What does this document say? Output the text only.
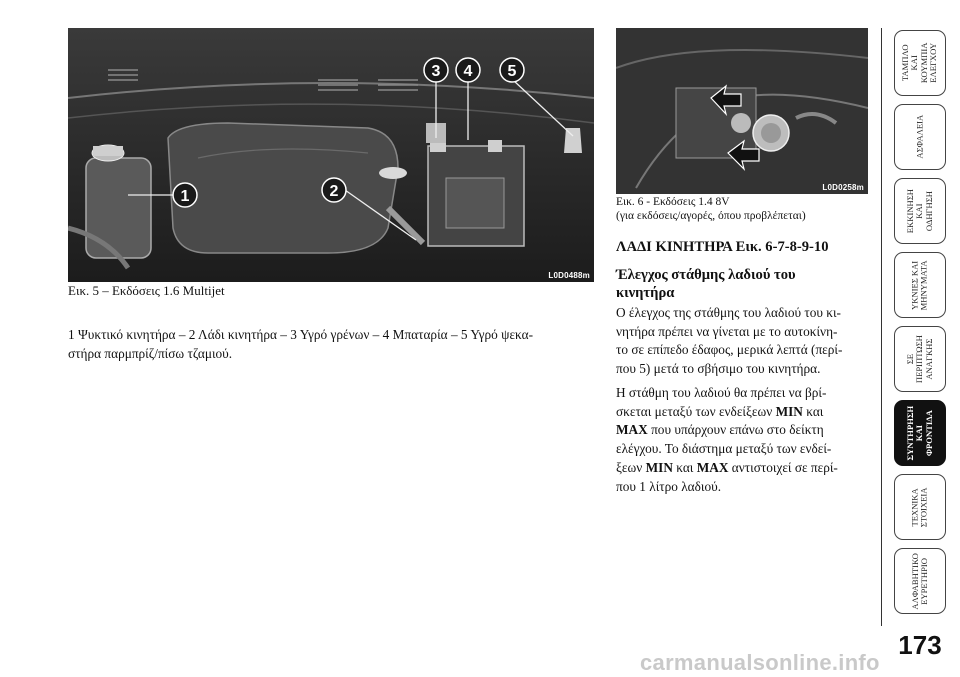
1	2
3 4 5
L0D0488m
Εικ. 5 – Εκδόσεις 1.6 Multijet
1 Ψυκτικό κινητήρα – 2 Λάδι κινητήρα – 3 Υγρό γρένων – 4 Μπαταρία – 5 Υγρό ψεκα-
στήρα παρμπρίζ/πίσω τζαμιού.
L0D0258m
Εικ. 6 - Εκδόσεις 1.4 8V
(για εκδόσεις/αγορές, όπου προβλέπεται)
ΛΑΔΙ ΚΙΝΗΤΗΡΑ Εικ. 6-7-8-9-10
Έλεγχος στάθμης λαδιού του
κινητήρα
Ο έλεγχος της στάθμης του λαδιού του κι-
νητήρα πρέπει να γίνεται με το αυτοκίνη-
το σε επίπεδο έδαφος, μερικά λεπτά (περί-
που 5) μετά το σβήσιμο του κινητήρα.
Η στάθμη του λαδιού θα πρέπει να βρί-
σκεται μεταξύ των ενδείξεων MIN και
MAX που υπάρχουν επάνω στο δείκτη
ελέγχου. Το διάστημα μεταξύ των ενδεί-
ξεων MIN και MAX αντιστοιχεί σε περί-
που 1 λίτρο λαδιού.
ΤΑΜΠΛΟ ΚΑΙ
ΚΟΥΜΠΙΑ
ΕΛΕΓΧΟΥ
ΑΣΦΑΛΕΙΑ
ΕΚΚΙΝΗΣΗ
ΚΑΙ
ΟΔΗΓΗΣΗ
ΥΚΝΙΕΣ ΚΑΙ
ΜΗΝΥΜΑΤΑ
ΣΕ
ΠΕΡΙΠΤΩΣΗ
ΑΝΑΓΚΗΣ
ΣΥΝΤΗΡΗΣΗ
ΚΑΙ
ΦΡΟΝΤΙΔΑ
ΤΕΧΝΙΚΑ
ΣΤΟΙΧΕΙΑ
ΑΛΦΑΒΗΤΙΚΟ
ΕΥΡΕΤΗΡΙΟ
173
carmanualsonline.info
